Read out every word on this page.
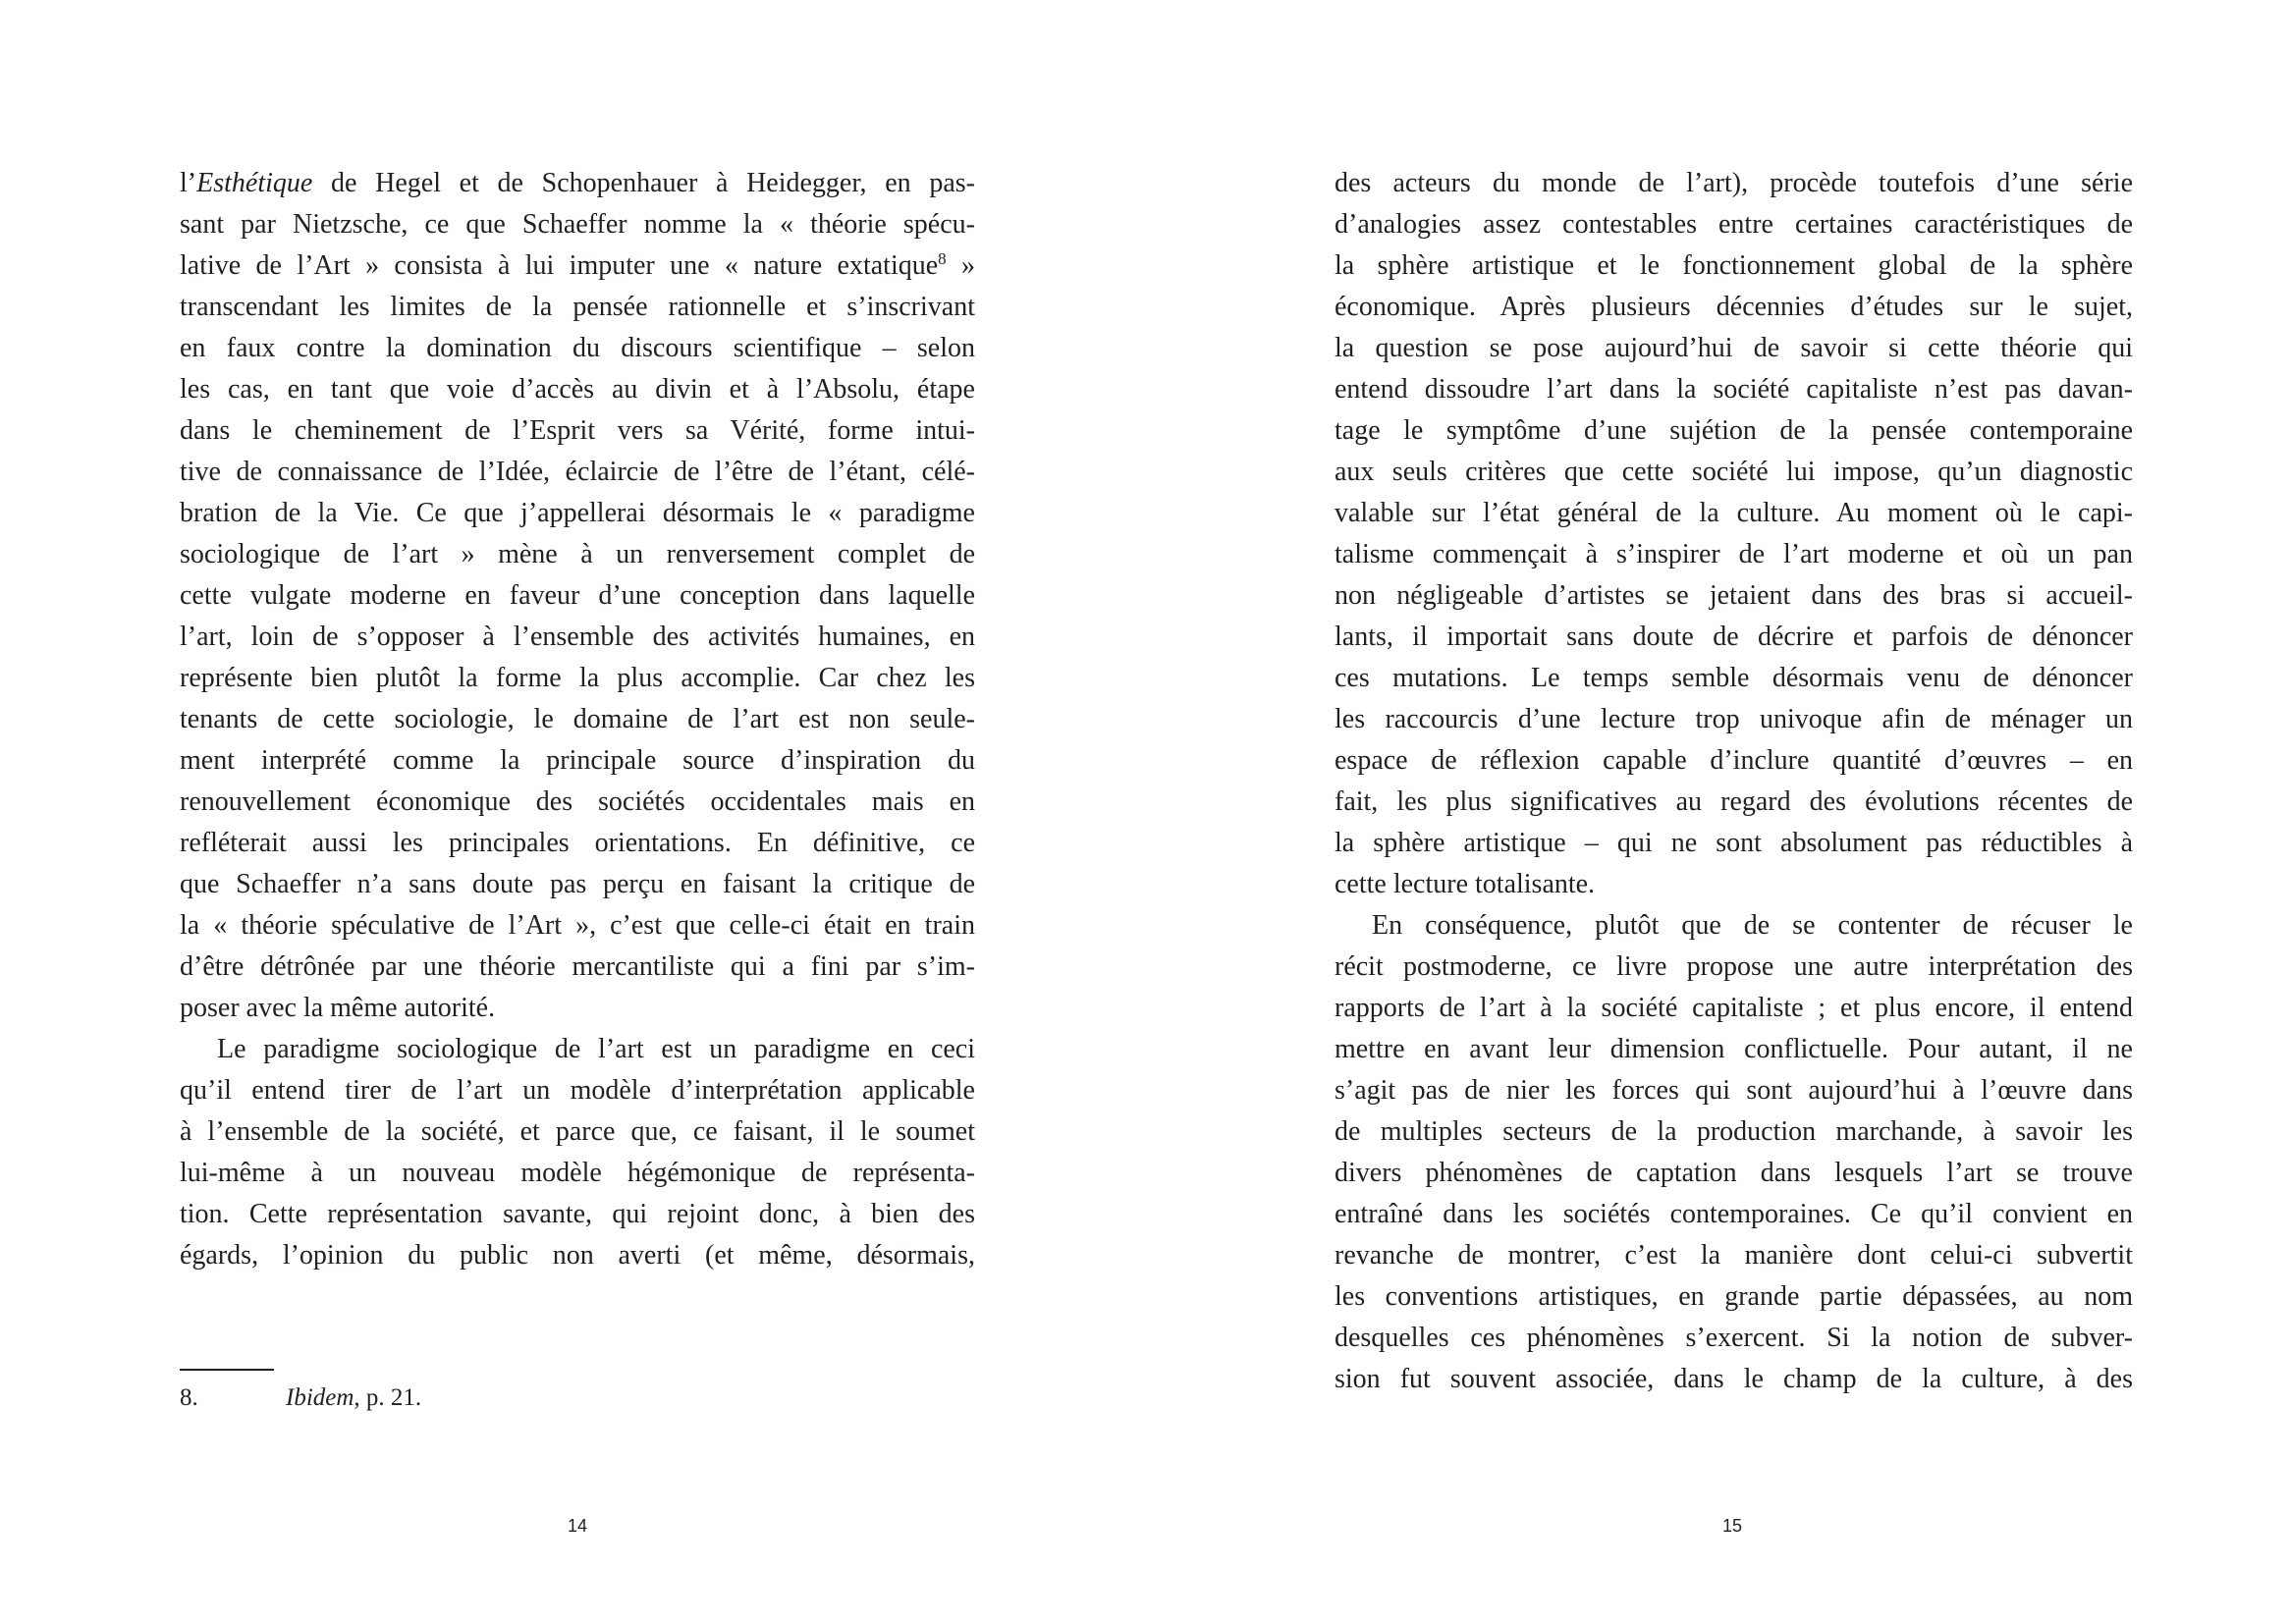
l’Esthétique de Hegel et de Schopenhauer à Heidegger, en pas-
sant par Nietzsche, ce que Schaeffer nomme la « théorie spécu-
lative de l’Art » consista à lui imputer une « nature extatique$^8$ »
transcendant les limites de la pensée rationnelle et s’inscrivant
en faux contre la domination du discours scientifique – selon
les cas, en tant que voie d’accès au divin et à l’Absolu, étape
dans le cheminement de l’Esprit vers sa Vérité, forme intui-
tive de connaissance de l’Idée, éclaircie de l’être de l’étant, célé-
bration de la Vie. Ce que j’appellerai désormais le « paradigme
sociologique de l’art » mène à un renversement complet de
cette vulgate moderne en faveur d’une conception dans laquelle
l’art, loin de s’opposer à l’ensemble des activités humaines, en
représente bien plutôt la forme la plus accomplie. Car chez les
tenants de cette sociologie, le domaine de l’art est non seule-
ment interprété comme la principale source d’inspiration du
renouvellement économique des sociétés occidentales mais en
refléterait aussi les principales orientations. En définitive, ce
que Schaeffer n’a sans doute pas perçu en faisant la critique de
la « théorie spéculative de l’Art », c’est que celle-ci était en train
d’être détrônée par une théorie mercantiliste qui a fini par s’im-
poser avec la même autorité.
Le paradigme sociologique de l’art est un paradigme en ceci
qu’il entend tirer de l’art un modèle d’interprétation applicable
à l’ensemble de la société, et parce que, ce faisant, il le soumet
lui-même à un nouveau modèle hégémonique de représenta-
tion. Cette représentation savante, qui rejoint donc, à bien des
égards, l’opinion du public non averti (et même, désormais,
8.	Ibidem, p. 21.
14
des acteurs du monde de l’art), procède toutefois d’une série
d’analogies assez contestables entre certaines caractéristiques de
la sphère artistique et le fonctionnement global de la sphère
économique. Après plusieurs décennies d’études sur le sujet,
la question se pose aujourd’hui de savoir si cette théorie qui
entend dissoudre l’art dans la société capitaliste n’est pas davan-
tage le symptôme d’une sujétion de la pensée contemporaine
aux seuls critères que cette société lui impose, qu’un diagnostic
valable sur l’état général de la culture. Au moment où le capi-
talisme commençait à s’inspirer de l’art moderne et où un pan
non négligeable d’artistes se jetaient dans des bras si accueil-
lants, il importait sans doute de décrire et parfois de dénoncer
ces mutations. Le temps semble désormais venu de dénoncer
les raccourcis d’une lecture trop univoque afin de ménager un
espace de réflexion capable d’inclure quantité d’œuvres – en
fait, les plus significatives au regard des évolutions récentes de
la sphère artistique – qui ne sont absolument pas réductibles à
cette lecture totalisante.
En conséquence, plutôt que de se contenter de récuser le
récit postmoderne, ce livre propose une autre interprétation des
rapports de l’art à la société capitaliste ; et plus encore, il entend
mettre en avant leur dimension conflictuelle. Pour autant, il ne
s’agit pas de nier les forces qui sont aujourd’hui à l’œuvre dans
de multiples secteurs de la production marchande, à savoir les
divers phénomènes de captation dans lesquels l’art se trouve
entraîné dans les sociétés contemporaines. Ce qu’il convient en
revanche de montrer, c’est la manière dont celui-ci subvertit
les conventions artistiques, en grande partie dépassées, au nom
desquelles ces phénomènes s’exercent. Si la notion de subver-
sion fut souvent associée, dans le champ de la culture, à des
15
